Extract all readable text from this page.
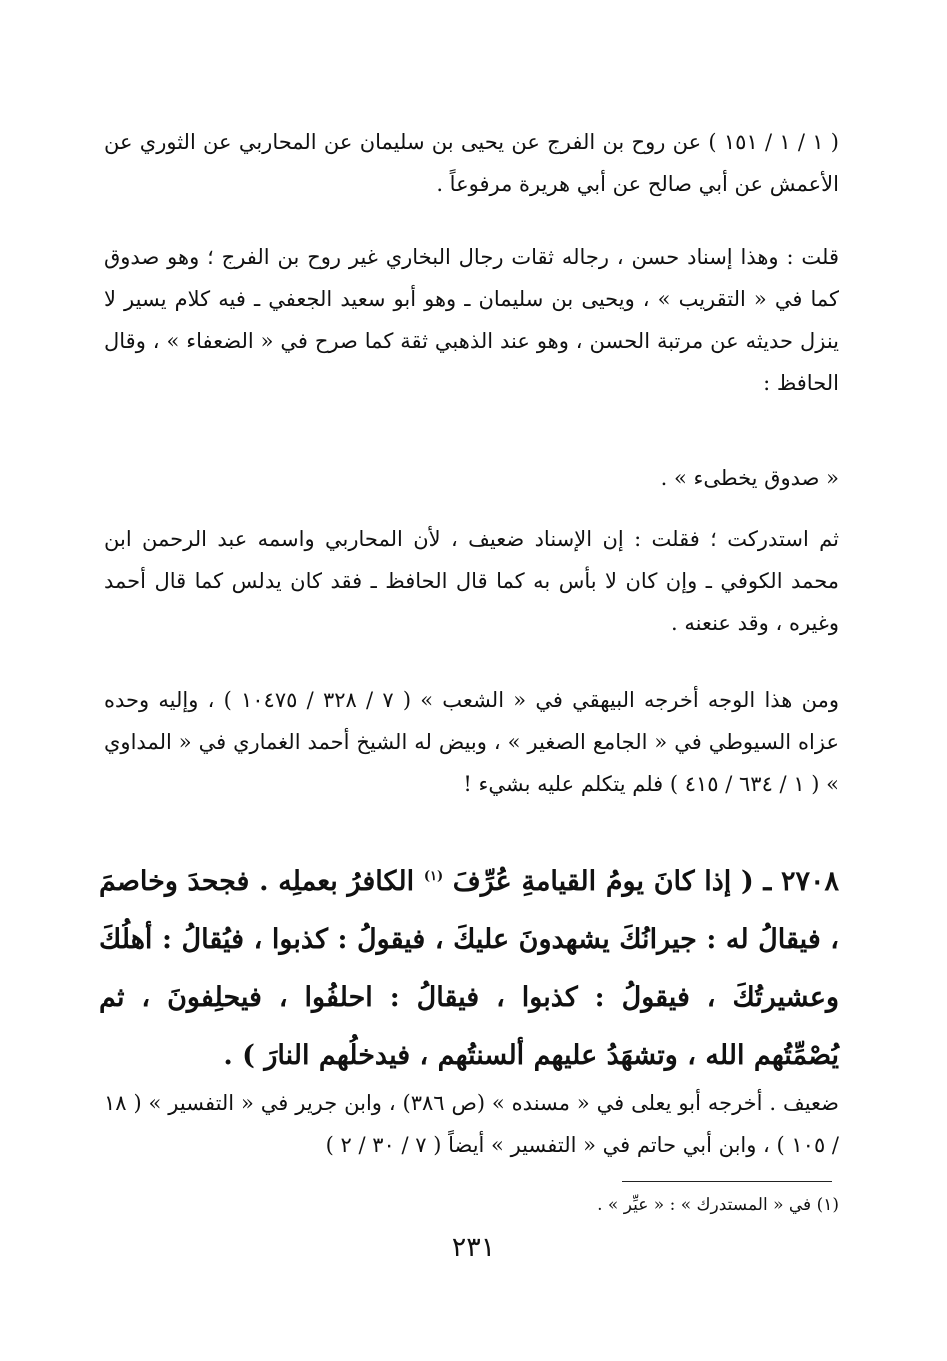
( ١ / ١ / ١٥١ ) عن روح بن الفرج عن يحيى بن سليمان عن المحاربي عن الثوري عن الأعمش عن أبي صالح عن أبي هريرة مرفوعاً .

قلت : وهذا إسناد حسن ، رجاله ثقات رجال البخاري غير روح بن الفرج ؛ وهو صدوق كما في « التقريب » ، ويحيى بن سليمان ـ وهو أبو سعيد الجعفي ـ فيه كلام يسير لا ينزل حديثه عن مرتبة الحسن ، وهو عند الذهبي ثقة كما صرح في « الضعفاء » ، وقال الحافظ :

« صدوق يخطىء » .

ثم استدركت ؛ فقلت : إن الإسناد ضعيف ، لأن المحاربي واسمه عبد الرحمن ابن محمد الكوفي ـ وإن كان لا بأس به كما قال الحافظ ـ فقد كان يدلس كما قال أحمد وغيره ، وقد عنعنه .

ومن هذا الوجه أخرجه البيهقي في « الشعب » ( ٧ / ٣٢٨ / ١٠٤٧٥ ) ، وإليه وحده عزاه السيوطي في « الجامع الصغير » ، وبيض له الشيخ أحمد الغماري في « المداوي » ( ١ / ٦٣٤ / ٤١٥ ) فلم يتكلم عليه بشيء !

٢٧٠٨ ـ ( إذا كانَ يومُ القيامةِ عُرِّفَ $^{(١)}$ الكافرُ بعملِه . فجحدَ وخاصمَ ، فيقالُ له : جيرانُكَ يشهدونَ عليكَ ، فيقولُ : كذبوا ، فيُقالُ : أهلُكَ وعشيرتُكَ ، فيقولُ : كذبوا ، فيقالُ : احلفُوا ، فيحلِفونَ ، ثم يُصْمِّتُهم الله ، وتشهَدُ عليهم ألسنتُهم ، فيدخلُهم النارَ ) .

ضعيف . أخرجه أبو يعلى في « مسنده » (ص ٣٨٦) ، وابن جرير في « التفسير » ( ١٨ / ١٠٥ ) ، وابن أبي حاتم في « التفسير » أيضاً ( ٧ / ٣٠ / ٢ )

(١) في « المستدرك » : « عيِّر » .

٢٣١
